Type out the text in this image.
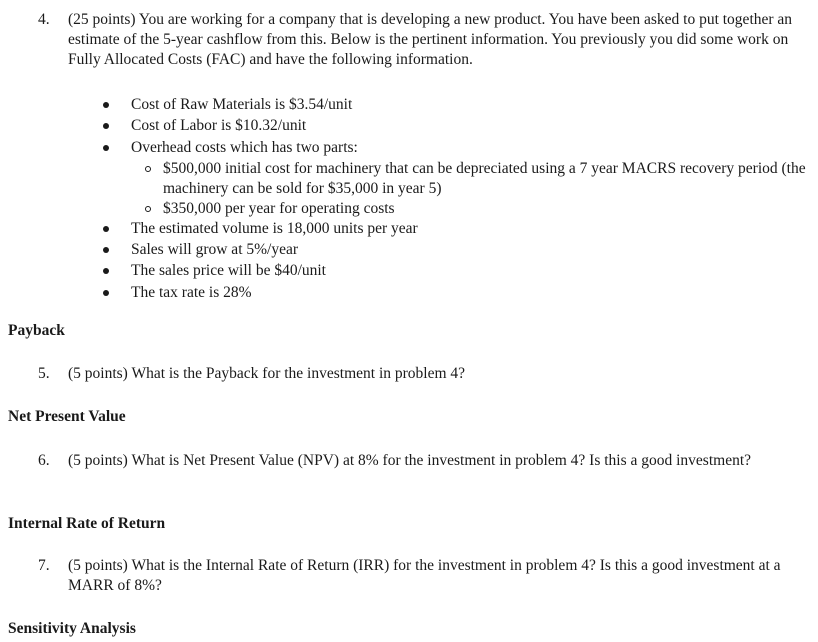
4.	(25 points) You are working for a company that is developing a new product. You have been asked to put together an estimate of the 5-year cashflow from this. Below is the pertinent information. You previously you did some work on Fully Allocated Costs (FAC) and have the following information.
Cost of Raw Materials is $3.54/unit
Cost of Labor is $10.32/unit
Overhead costs which has two parts:
$500,000 initial cost for machinery that can be depreciated using a 7 year MACRS recovery period (the machinery can be sold for $35,000 in year 5)
$350,000 per year for operating costs
The estimated volume is 18,000 units per year
Sales will grow at 5%/year
The sales price will be $40/unit
The tax rate is 28%
Payback
5.	(5 points) What is the Payback for the investment in problem 4?
Net Present Value
6.	(5 points) What is Net Present Value (NPV) at 8% for the investment in problem 4? Is this a good investment?
Internal Rate of Return
7.	(5 points) What is the Internal Rate of Return (IRR) for the investment in problem 4? Is this a good investment at a MARR of 8%?
Sensitivity Analysis
